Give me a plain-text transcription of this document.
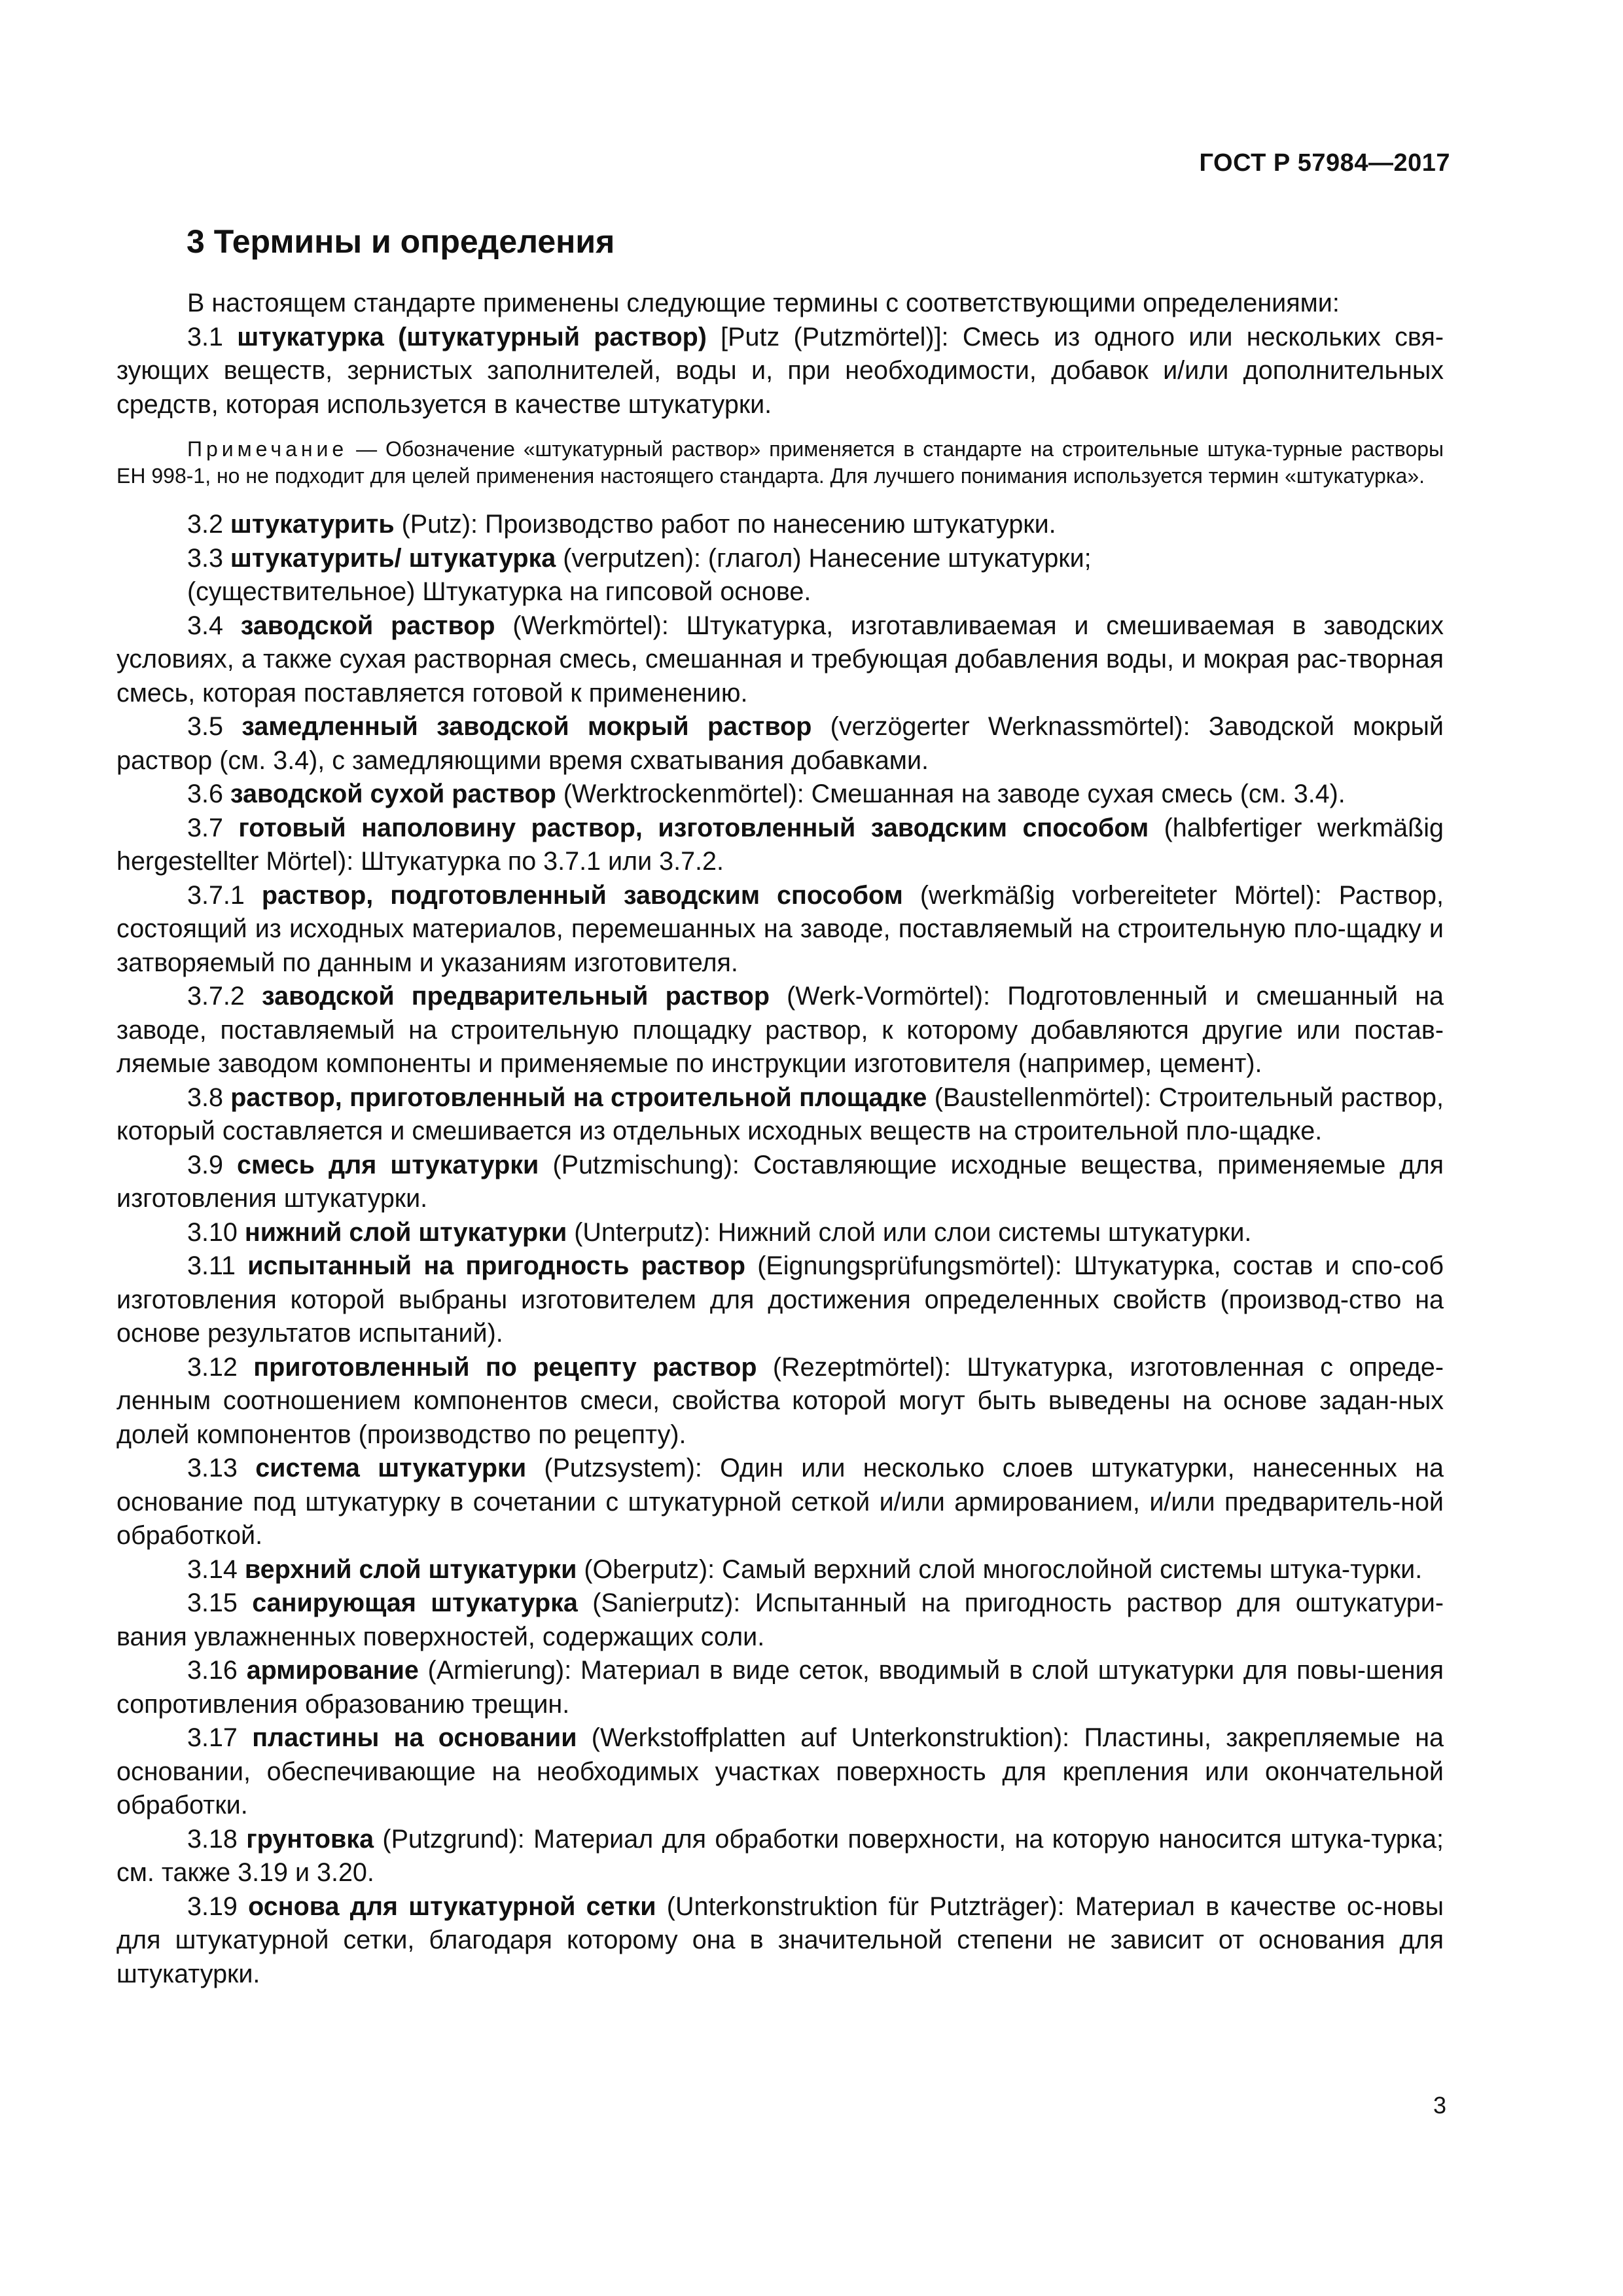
ГОСТ Р 57984—2017
3 Термины и определения

В настоящем стандарте применены следующие термины с соответствующими определениями:

3.1 штукатурка (штукатурный раствор) [Putz (Putzmörtel)]: Смесь из одного или нескольких свя-зующих веществ, зернистых заполнителей, воды и, при необходимости, добавок и/или дополнительных средств, которая используется в качестве штукатурки.

Примечание — Обозначение «штукатурный раствор» применяется в стандарте на строительные штука-турные растворы ЕН 998-1, но не подходит для целей применения настоящего стандарта. Для лучшего понимания используется термин «штукатурка».

3.2 штукатурить (Putz): Производство работ по нанесению штукатурки.

3.3 штукатурить/ штукатурка (verputzen): (глагол) Нанесение штукатурки;

(существительное) Штукатурка на гипсовой основе.

3.4 заводской раствор (Werkmörtel): Штукатурка, изготавливаемая и смешиваемая в заводских условиях, а также сухая растворная смесь, смешанная и требующая добавления воды, и мокрая рас-творная смесь, которая поставляется готовой к применению.

3.5 замедленный заводской мокрый раствор (verzögerter Werknassmörtel): Заводской мокрый раствор (см. 3.4), с замедляющими время схватывания добавками.

3.6 заводской сухой раствор (Werktrockenmörtel): Смешанная на заводе сухая смесь (см. 3.4).

3.7 готовый наполовину раствор, изготовленный заводским способом (halbfertiger werkmäßig hergestellter Mörtel): Штукатурка по 3.7.1 или 3.7.2.

3.7.1 раствор, подготовленный заводским способом (werkmäßig vorbereiteter Mörtel): Раствор, состоящий из исходных материалов, перемешанных на заводе, поставляемый на строительную пло-щадку и затворяемый по данным и указаниям изготовителя.

3.7.2 заводской предварительный раствор (Werk-Vormörtel): Подготовленный и смешанный на заводе, поставляемый на строительную площадку раствор, к которому добавляются другие или постав-ляемые заводом компоненты и применяемые по инструкции изготовителя (например, цемент).

3.8 раствор, приготовленный на строительной площадке (Baustellenmörtel): Строительный раствор, который составляется и смешивается из отдельных исходных веществ на строительной пло-щадке.

3.9 смесь для штукатурки (Putzmischung): Составляющие исходные вещества, применяемые для изготовления штукатурки.

3.10 нижний слой штукатурки (Unterputz): Нижний слой или слои системы штукатурки.

3.11 испытанный на пригодность раствор (Eignungsprüfungsmörtel): Штукатурка, состав и спо-соб изготовления которой выбраны изготовителем для достижения определенных свойств (производ-ство на основе результатов испытаний).

3.12 приготовленный по рецепту раствор (Rezeptmörtel): Штукатурка, изготовленная с опреде-ленным соотношением компонентов смеси, свойства которой могут быть выведены на основе задан-ных долей компонентов (производство по рецепту).

3.13 система штукатурки (Putzsystem): Один или несколько слоев штукатурки, нанесенных на основание под штукатурку в сочетании с штукатурной сеткой и/или армированием, и/или предваритель-ной обработкой.

3.14 верхний слой штукатурки (Oberputz): Самый верхний слой многослойной системы штука-турки.

3.15 санирующая штукатурка (Sanierputz): Испытанный на пригодность раствор для оштукатури-вания увлажненных поверхностей, содержащих соли.

3.16 армирование (Armierung): Материал в виде сеток, вводимый в слой штукатурки для повы-шения сопротивления образованию трещин.

3.17 пластины на основании (Werkstoffplatten auf Unterkonstruktion): Пластины, закрепляемые на основании, обеспечивающие на необходимых участках поверхность для крепления или окончательной обработки.

3.18 грунтовка (Putzgrund): Материал для обработки поверхности, на которую наносится штука-турка; см. также 3.19 и 3.20.

3.19 основа для штукатурной сетки (Unterkonstruktion für Putzträger): Материал в качестве ос-новы для штукатурной сетки, благодаря которому она в значительной степени не зависит от основания для штукатурки.

3
